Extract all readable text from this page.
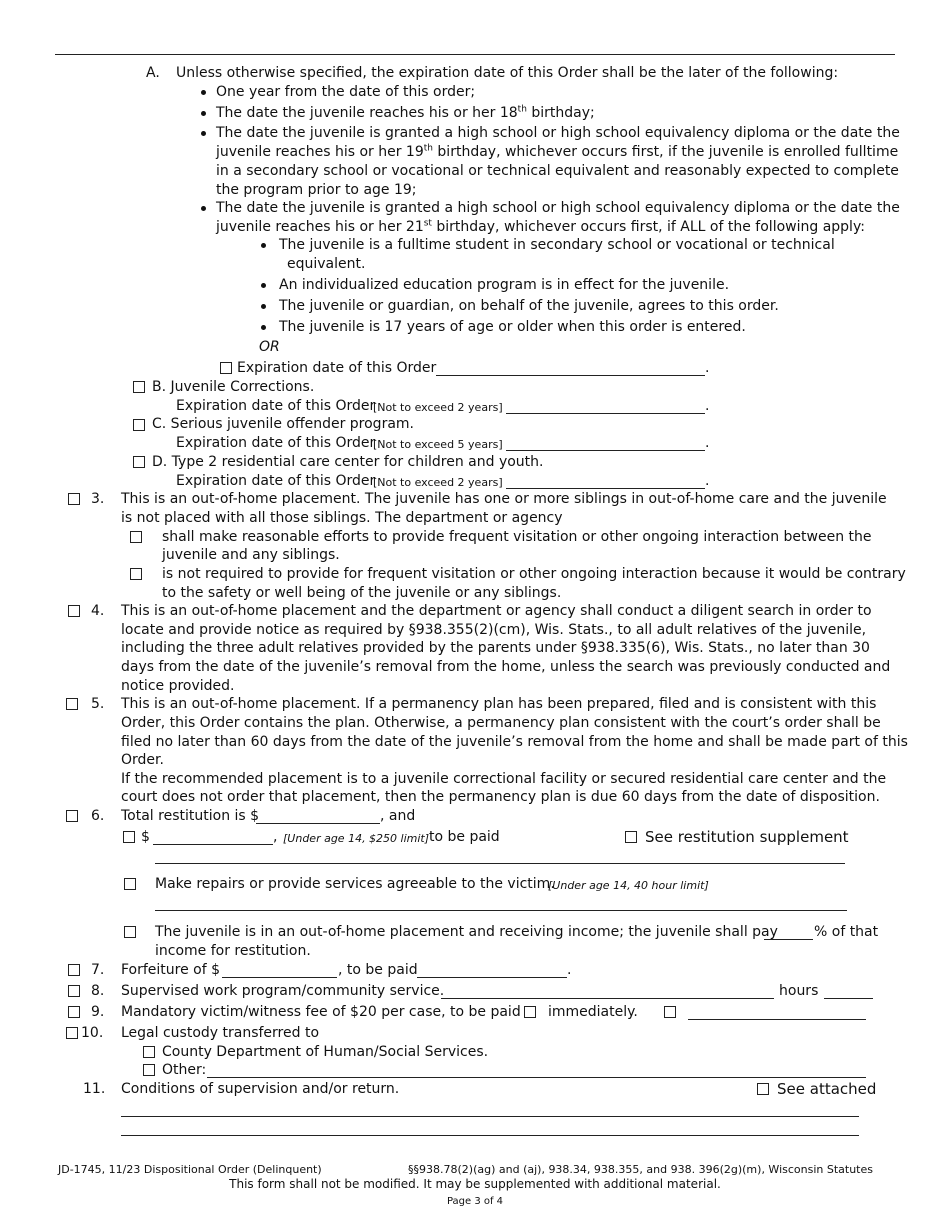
A. Unless otherwise specified, the expiration date of this Order shall be the later of the following:
One year from the date of this order;
The date the juvenile reaches his or her 18th birthday;
The date the juvenile is granted a high school or high school equivalency diploma or the date the
juvenile reaches his or her 19th birthday, whichever occurs first, if the juvenile is enrolled fulltime
in a secondary school or vocational or technical equivalent and reasonably expected to complete
the program prior to age 19;
The date the juvenile is granted a high school or high school equivalency diploma or the date the
juvenile reaches his or her 21st birthday, whichever occurs first, if ALL of the following apply:
The juvenile is a fulltime student in secondary school or vocational or technical
equivalent.
An individualized education program is in effect for the juvenile.
The juvenile or guardian, on behalf of the juvenile, agrees to this order.
The juvenile is 17 years of age or older when this order is entered.
OR
Expiration date of this Order	.
B. Juvenile Corrections.
Expiration date of this Order
[Not to exceed 2 years]	.
C. Serious juvenile offender program.
Expiration date of this Order
[Not to exceed 5 years]	.
D. Type 2 residential care center for children and youth.
Expiration date of this Order
[Not to exceed 2 years]	.
3. This is an out-of-home placement. The juvenile has one or more siblings in out-of-home care and the juvenile
is not placed with all those siblings. The department or agency
shall make reasonable efforts to provide frequent visitation or other ongoing interaction between the
juvenile and any siblings.
is not required to provide for frequent visitation or other ongoing interaction because it would be contrary
to the safety or well being of the juvenile or any siblings.
4. This is an out-of-home placement and the department or agency shall conduct a diligent search in order to
locate and provide notice as required by §938.355(2)(cm), Wis. Stats., to all adult relatives of the juvenile,
including the three adult relatives provided by the parents under §938.335(6), Wis. Stats., no later than 30
days from the date of the juvenile’s removal from the home, unless the search was previously conducted and
notice provided.
5. This is an out-of-home placement. If a permanency plan has been prepared, filed and is consistent with this
Order, this Order contains the plan. Otherwise, a permanency plan consistent with the court’s order shall be
filed no later than 60 days from the date of the juvenile’s removal from the home and shall be made part of this
Order.
If the recommended placement is to a juvenile correctional facility or secured residential care center and the
court does not order that placement, then the permanency plan is due 60 days from the date of disposition.
6. Total restitution is $	, and
$	, [Under age 14, $250 limit] to be paid	See restitution supplement
Make repairs or provide services agreeable to the victim.
[Under age 14, 40 hour limit]
The juvenile is in an out-of-home placement and receiving income; the juvenile shall pay	% of that
income for restitution.
7. Forfeiture of $	, to be paid	.
8. Supervised work program/community service.	hours
9. Mandatory victim/witness fee of $20 per case, to be paid immediately.
10. Legal custody transferred to
County Department of Human/Social Services.
Other:
11. Conditions of supervision and/or return.	See attached
JD-1745, 11/23 Dispositional Order (Delinquent)	§§938.78(2)(ag) and (aj), 938.34, 938.355, and 938. 396(2g)(m), Wisconsin Statutes
This form shall not be modified. It may be supplemented with additional material.
Page 3 of 4
